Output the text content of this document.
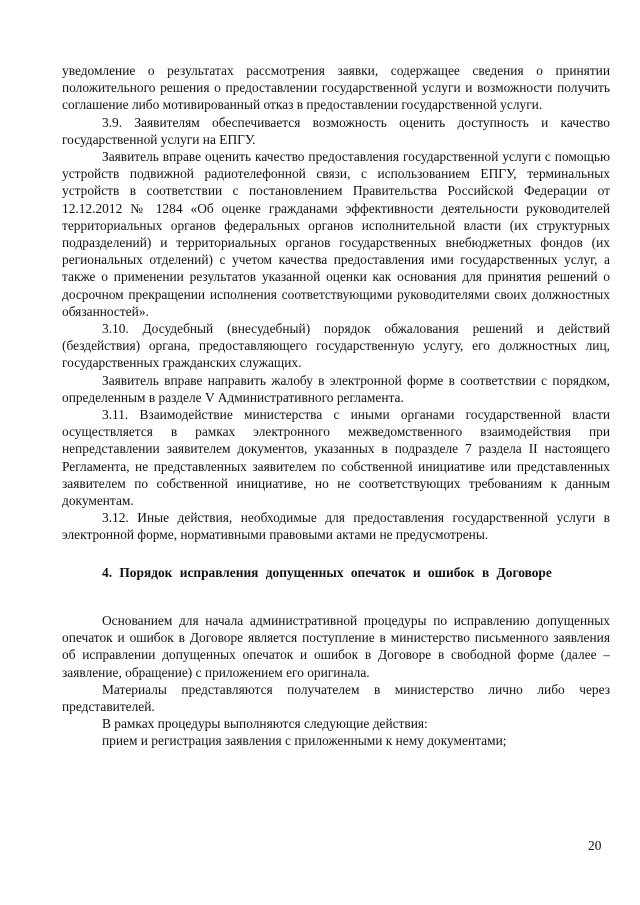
уведомление о результатах рассмотрения заявки, содержащее сведения о принятии положительного решения о предоставлении государственной услуги и возможности получить соглашение либо мотивированный отказ в предоставлении государственной услуги.

3.9. Заявителям обеспечивается возможность оценить доступность и качество государственной услуги на ЕПГУ.

Заявитель вправе оценить качество предоставления государственной услуги с помощью устройств подвижной радиотелефонной связи, с использованием ЕПГУ, терминальных устройств в соответствии с постановлением Правительства Российской Федерации от 12.12.2012 № 1284 «Об оценке гражданами эффективности деятельности руководителей территориальных органов федеральных органов исполнительной власти (их структурных подразделений) и территориальных органов государственных внебюджетных фондов (их региональных отделений) с учетом качества предоставления ими государственных услуг, а также о применении результатов указанной оценки как основания для принятия решений о досрочном прекращении исполнения соответствующими руководителями своих должностных обязанностей».

3.10. Досудебный (внесудебный) порядок обжалования решений и действий (бездействия) органа, предоставляющего государственную услугу, его должностных лиц, государственных гражданских служащих.

Заявитель вправе направить жалобу в электронной форме в соответствии с порядком, определенным в разделе V Административного регламента.

3.11. Взаимодействие министерства с иными органами государственной власти осуществляется в рамках электронного межведомственного взаимодействия при непредставлении заявителем документов, указанных в подразделе 7 раздела II настоящего Регламента, не представленных заявителем по собственной инициативе или представленных заявителем по собственной инициативе, но не соответствующих требованиям к данным документам.

3.12. Иные действия, необходимые для предоставления государственной услуги в электронной форме, нормативными правовыми актами не предусмотрены.

4. Порядок исправления допущенных опечаток и ошибок в Договоре

Основанием для начала административной процедуры по исправлению допущенных опечаток и ошибок в Договоре является поступление в министерство письменного заявления об исправлении допущенных опечаток и ошибок в Договоре в свободной форме (далее – заявление, обращение) с приложением его оригинала.

Материалы представляются получателем в министерство лично либо через представителей.

В рамках процедуры выполняются следующие действия:

прием и регистрация заявления с приложенными к нему документами;

20
